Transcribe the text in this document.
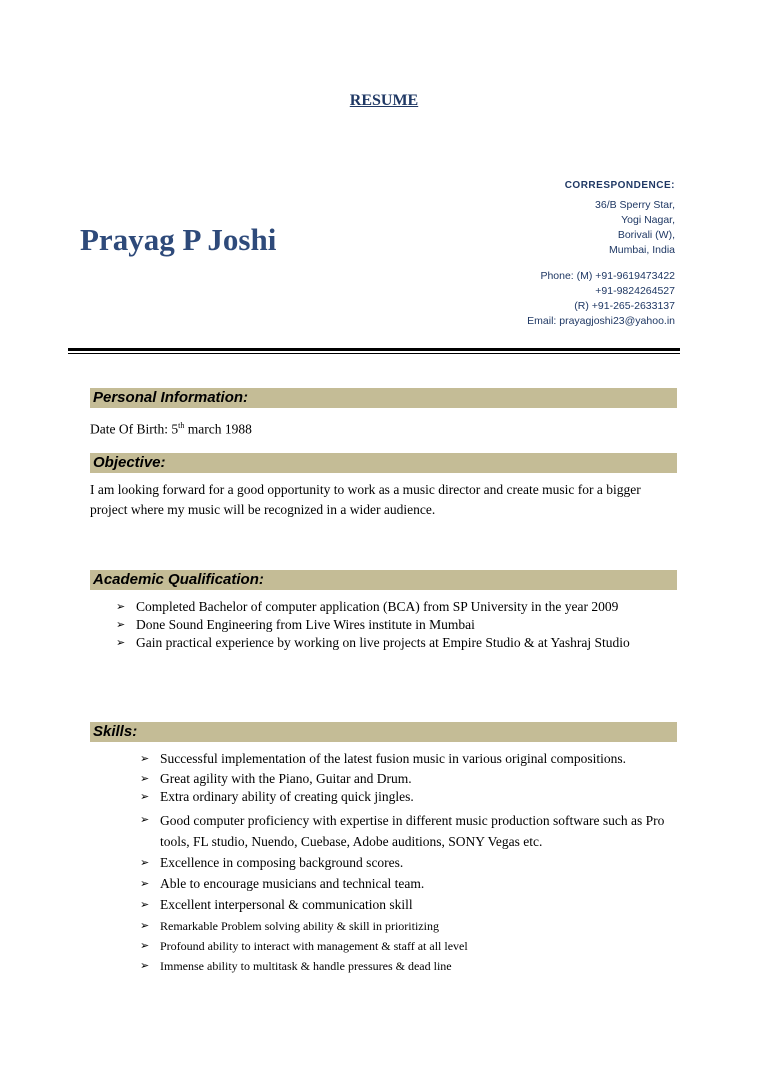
RESUME
Prayag P Joshi
CORRESPONDENCE:
36/B Sperry Star,
Yogi Nagar,
Borivali (W),
Mumbai, India
Phone: (M) +91-9619473422
+91-9824264527
(R) +91-265-2633137
Email: prayagjoshi23@yahoo.in
Personal Information:
Date Of Birth: 5th march 1988
Objective:
I am looking forward for a good opportunity to work as a music director and create music for a bigger project where my music will be recognized in a wider audience.
Academic Qualification:
➢ Completed Bachelor of computer application (BCA) from SP University in the year 2009
➢ Done Sound Engineering from Live Wires institute in Mumbai
➢ Gain practical experience by working on live projects at Empire Studio & at Yashraj Studio
Skills:
➢ Successful implementation of the latest fusion music in various original compositions.
➢ Great agility with the Piano, Guitar and Drum.
➢ Extra ordinary ability of creating quick jingles.
➢ Good computer proficiency with expertise in different music production software such as Pro tools, FL studio, Nuendo, Cuebase, Adobe auditions, SONY Vegas etc.
➢ Excellence in composing background scores.
➢ Able to encourage musicians and technical team.
➢ Excellent interpersonal & communication skill
➢ Remarkable Problem solving ability & skill in prioritizing
➢ Profound ability to interact with management & staff at all level
➢ Immense ability to multitask & handle pressures & dead line
